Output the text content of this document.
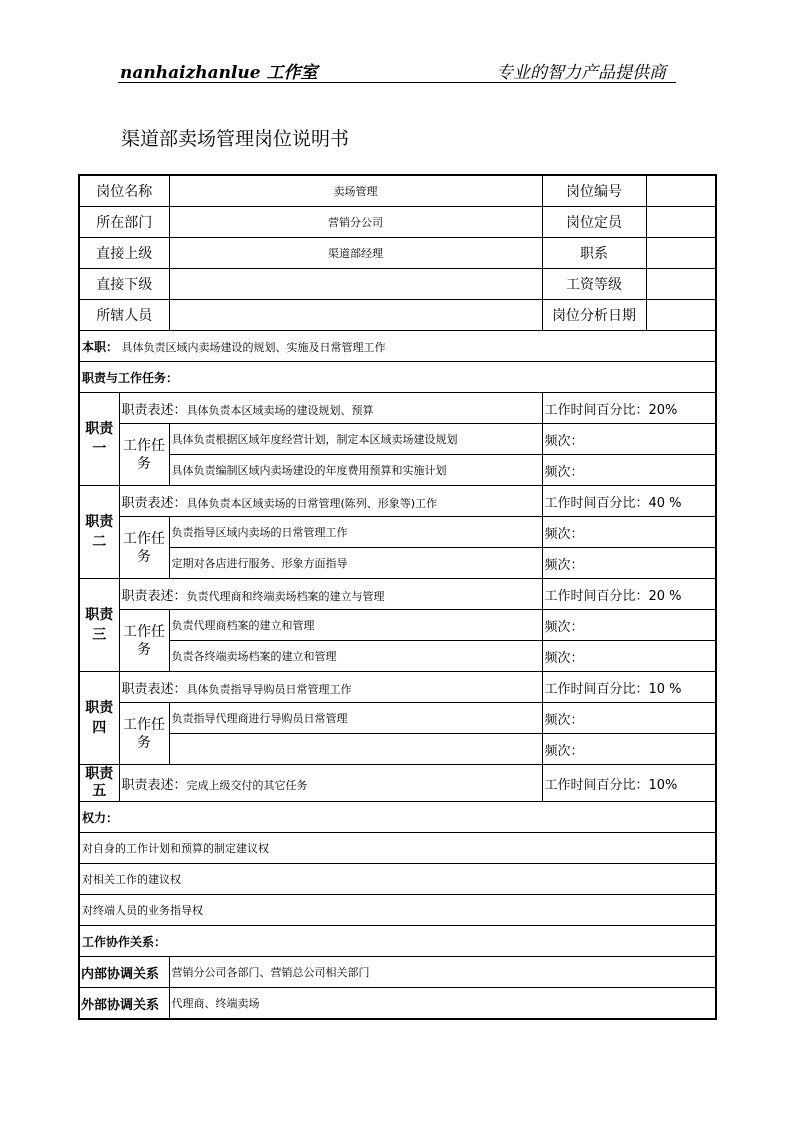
nanhaizhanlue 工作室	专业的智力产品提供商
渠道部卖场管理岗位说明书
岗位名称		卖场管理	岗位编号	
所在部门		营销分公司	岗位定员	
直接上级		渠道部经理	职系	
直接下级			工资等级	
所辖人员			岗位分析日期	
本职： 具体负责区域内卖场建设的规划、实施及日常管理工作				
职责与工作任务：				
职责一	职责表述：具体负责本区域卖场的建设规划、预算		工作时间百分比：20%	
	工作任务	具体负责根据区域年度经营计划，制定本区域卖场建设规划	频次：	
		具体负责编制区域内卖场建设的年度费用预算和实施计划	频次：	
职责二	职责表述：具体负责本区域卖场的日常管理(陈列、形象等)工作		工作时间百分比：40 %	
	工作任务	负责指导区域内卖场的日常管理工作	频次：	
		定期对各店进行服务、形象方面指导	频次：	
职责三	职责表述：负责代理商和终端卖场档案的建立与管理		工作时间百分比：20 %	
	工作任务	负责代理商档案的建立和管理	频次：	
		负责各终端卖场档案的建立和管理	频次：	
职责四	职责表述：具体负责指导导购员日常管理工作		工作时间百分比：10 %	
	工作任务	负责指导代理商进行导购员日常管理	频次：	
			频次：	
职责五	职责表述：完成上级交付的其它任务		工作时间百分比：10%	
权力：				
对自身的工作计划和预算的制定建议权				
对相关工作的建议权				
对终端人员的业务指导权				
工作协作关系：				
内部协调关系		营销分公司各部门、营销总公司相关部门		
外部协调关系		代理商、终端卖场		
